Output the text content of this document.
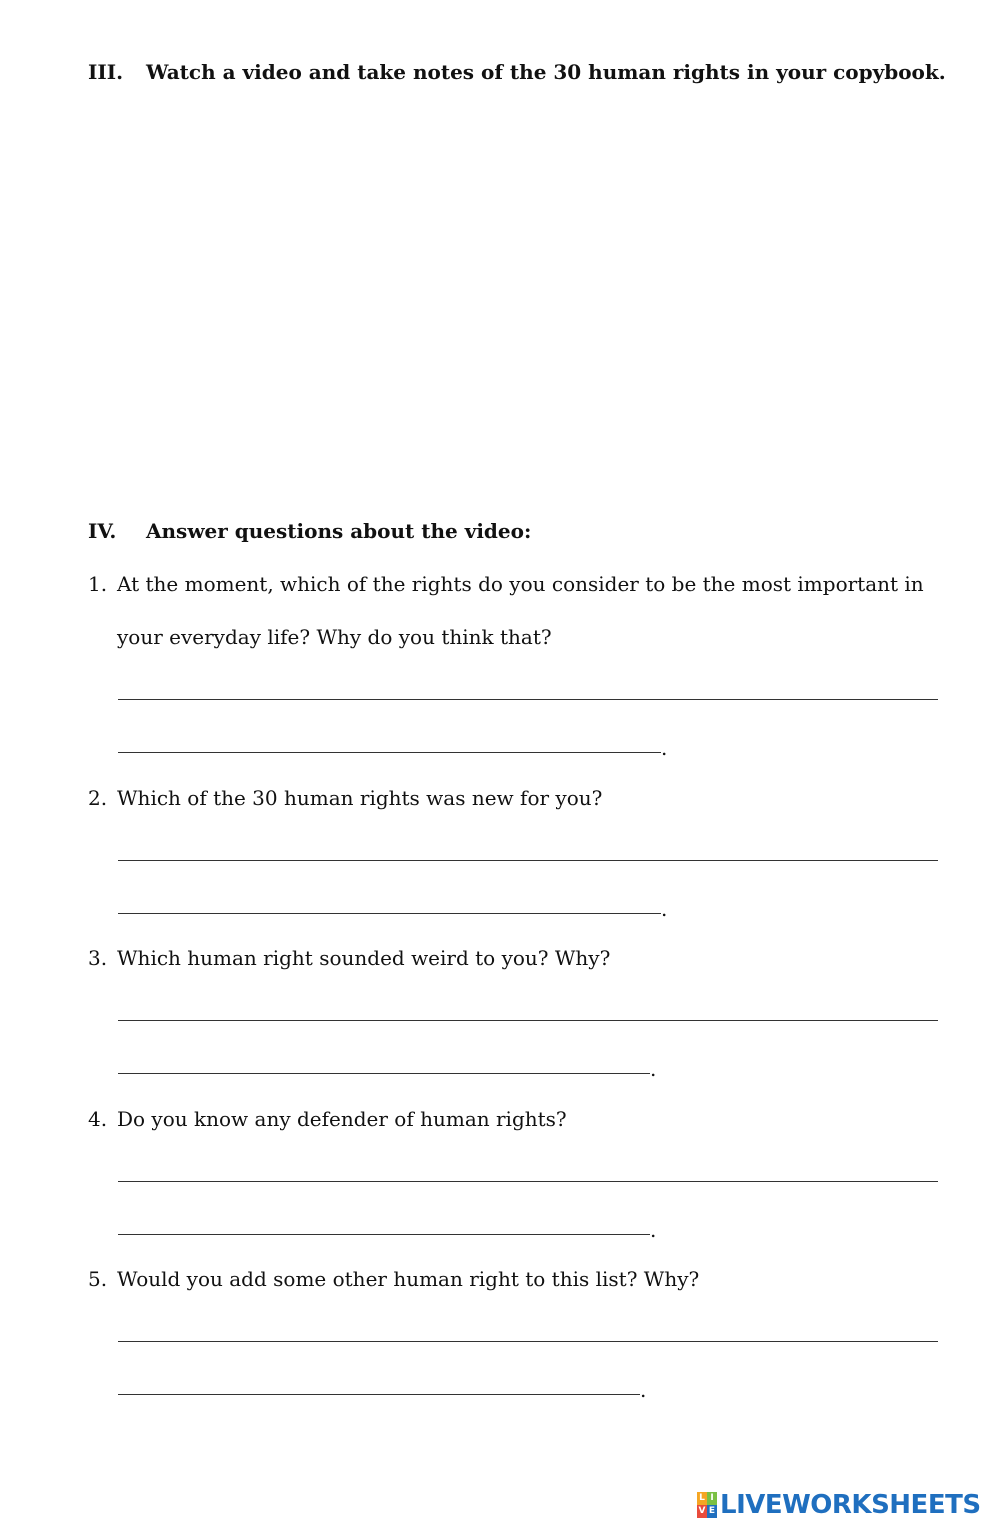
III. Watch a video and take notes of the 30 human rights in your copybook.
IV. Answer questions about the video:
1. At the moment, which of the rights do you consider to be the most important in your everyday life? Why do you think that?
.
2. Which of the 30 human rights was new for you?
.
3. Which human right sounded weird to you? Why?
.
4. Do you know any defender of human rights?
.
5. Would you add some other human right to this list? Why?
.
L I
V E LIVEWORKSHEETS
